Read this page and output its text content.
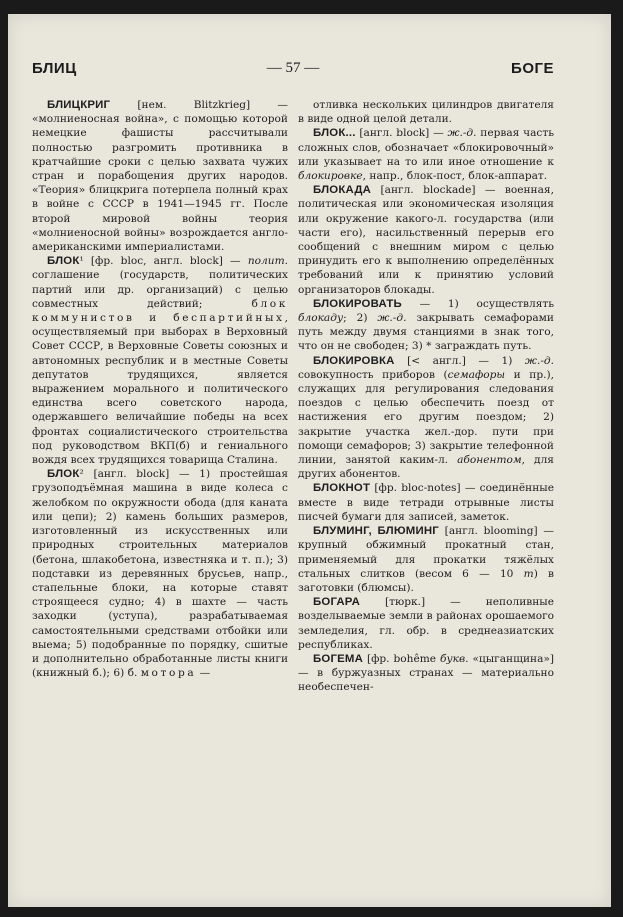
БЛИЦ	— 57 —	БОГЕ

БЛИЦКРИГ [нем. Blitzkrieg] — «молниеносная война», с помощью которой немецкие фашисты рассчитывали полностью разгромить противника в кратчайшие сроки с целью захвата чужих стран и порабощения других народов. «Теория» блицкрига потерпела полный крах в войне с СССР в 1941—1945 гг. После второй мировой войны теория «молниеносной войны» возрождается англо-американскими империалистами.

БЛОК¹ [фр. bloc, англ. block] — полит. соглашение (государств, политических партий или др. организаций) с целью совместных действий; блок коммунистов и беспартийных, осуществляемый при выборах в Верховный Совет СССР, в Верховные Советы союзных и автономных республик и в местные Советы депутатов трудящихся, является выражением морального и политического единства всего советского народа, одержавшего величайшие победы на всех фронтах социалистического строительства под руководством ВКП(б) и гениального вождя всех трудящихся товарища Сталина.

БЛОК² [англ. block] — 1) простейшая грузоподъёмная машина в виде колеса с желобком по окружности обода (для каната или цепи); 2) камень больших размеров, изготовленный из искусственных или природных строительных материалов (бетона, шлакобетона, известняка и т. п.); 3) подставки из деревянных брусьев, напр., стапельные блоки, на которые ставят строящееся судно; 4) в шахте — часть заходки (уступа), разрабатываемая самостоятельными средствами отбойки или выема; 5) подобранные по порядку, сшитые и дополнительно обработанные листы книги (книжный б.); 6) б. мотора —

отливка нескольких цилиндров двигателя в виде одной целой детали.

БЛОК... [англ. block] — ж.-д. первая часть сложных слов, обозначает «блокировочный» или указывает на то или иное отношение к блокировке, напр., блок-пост, блок-аппарат.

БЛОКАДА [англ. blockade] — военная, политическая или экономическая изоляция или окружение какого-л. государства (или части его), насильственный перерыв его сообщений с внешним миром с целью принудить его к выполнению определённых требований или к принятию условий организаторов блокады.

БЛОКИРОВАТЬ — 1) осуществлять блокаду; 2) ж.-д. закрывать семафорами путь между двумя станциями в знак того, что он не свободен; 3) * заграждать путь.

БЛОКИРОВКА [< англ.] — 1) ж.-д. совокупность приборов (семафоры и пр.), служащих для регулирования следования поездов с целью обеспечить поезд от настижения его другим поездом; 2) закрытие участка жел.-дор. пути при помощи семафоров; 3) закрытие телефонной линии, занятой каким-л. абонентом, для других абонентов.

БЛОКНОТ [фр. bloc-notes] — соединённые вместе в виде тетради отрывные листы писчей бумаги для записей, заметок.

БЛУМИНГ, БЛЮМИНГ [англ. blooming] — крупный обжимный прокатный стан, применяемый для прокатки тяжёлых стальных слитков (весом 6 — 10 т) в заготовки (блюмсы).

БОГАРА [тюрк.] — неполивные возделываемые земли в районах орошаемого земледелия, гл. обр. в среднеазиатских республиках.

БОГЕМА [фр. bohême букв. «цыганщина»] — в буржуазных странах — материально необеспечен-
